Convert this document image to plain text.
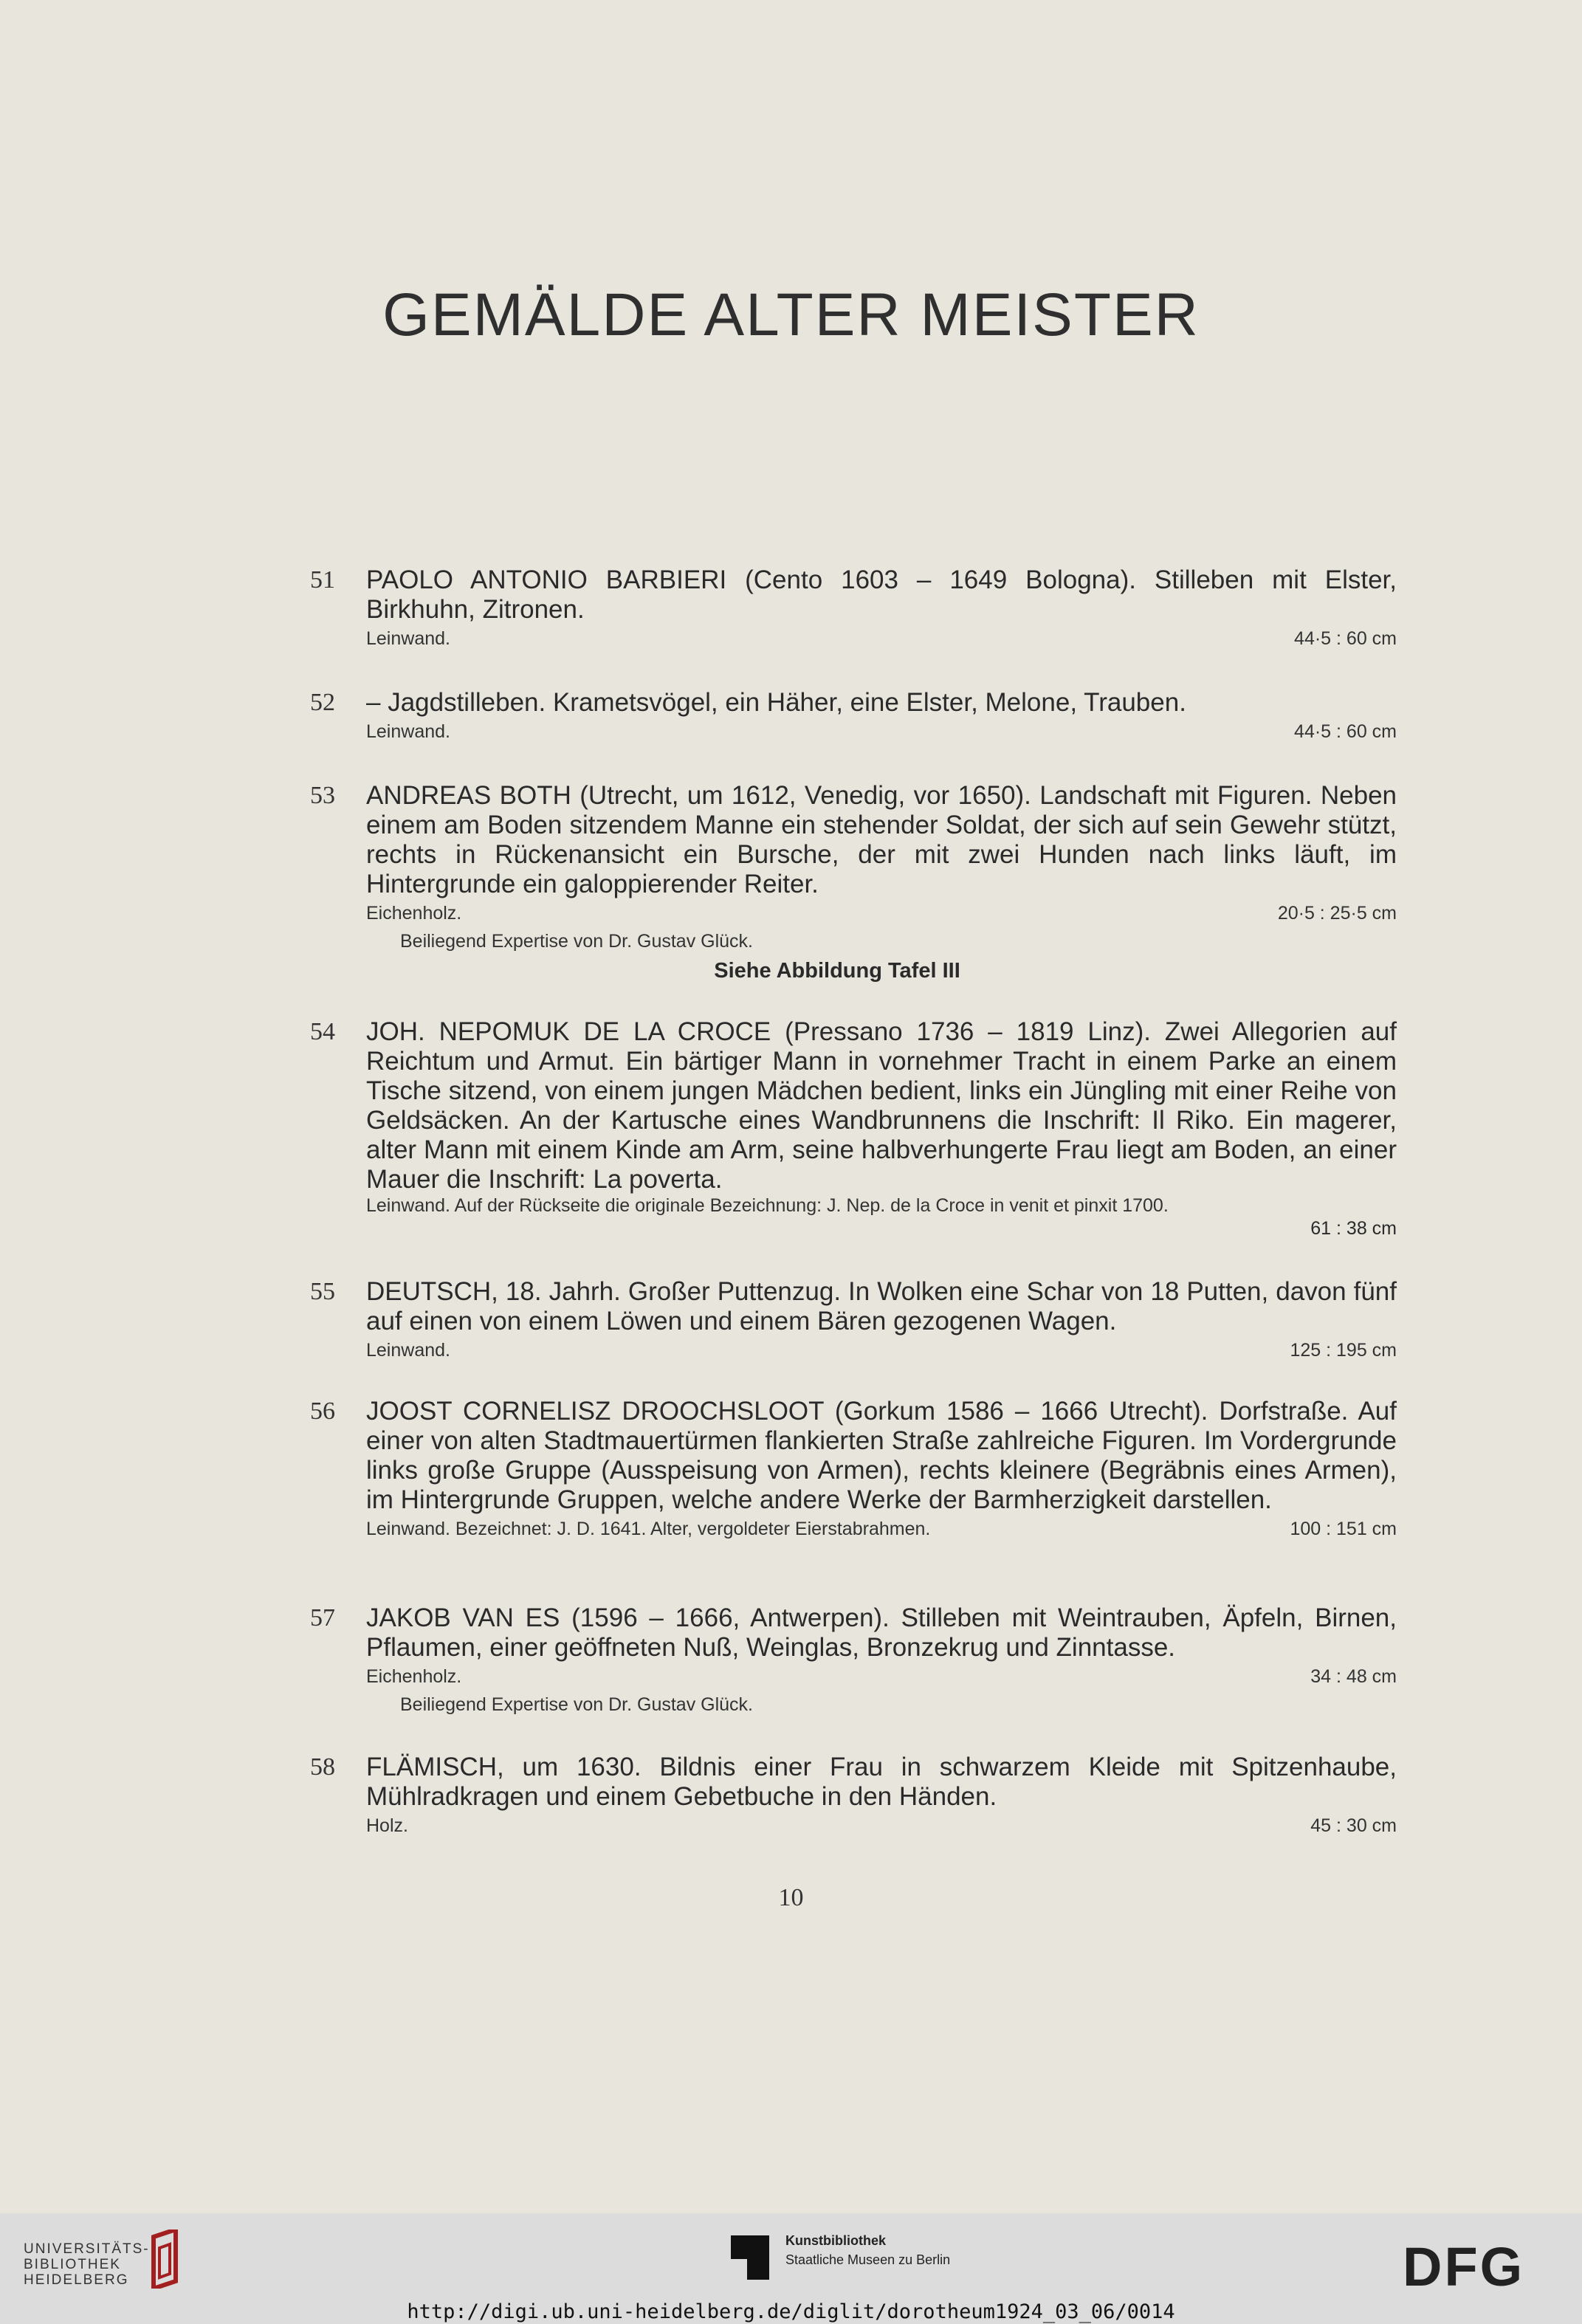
GEMÄLDE ALTER MEISTER
51	PAOLO ANTONIO BARBIERI (Cento 1603 – 1649 Bologna). Stilleben mit Elster, Birkhuhn, Zitronen.
Leinwand.	44·5 : 60 cm
52	– Jagdstilleben. Krametsvögel, ein Häher, eine Elster, Melone, Trauben.
Leinwand.	44·5 : 60 cm
53	ANDREAS BOTH (Utrecht, um 1612, Venedig, vor 1650). Landschaft mit Figuren. Neben einem am Boden sitzendem Manne ein stehender Soldat, der sich auf sein Gewehr stützt, rechts in Rückenansicht ein Bursche, der mit zwei Hunden nach links läuft, im Hintergrunde ein galoppierender Reiter.
Eichenholz.	20·5 : 25·5 cm
Beiliegend Expertise von Dr. Gustav Glück.
Siehe Abbildung Tafel III
54	JOH. NEPOMUK DE LA CROCE (Pressano 1736 – 1819 Linz). Zwei Allegorien auf Reichtum und Armut. Ein bärtiger Mann in vornehmer Tracht in einem Parke an einem Tische sitzend, von einem jungen Mädchen bedient, links ein Jüngling mit einer Reihe von Geldsäcken. An der Kartusche eines Wandbrunnens die Inschrift: Il Riko. Ein magerer, alter Mann mit einem Kinde am Arm, seine halbverhungerte Frau liegt am Boden, an einer Mauer die Inschrift: La poverta.
Leinwand. Auf der Rückseite die originale Bezeichnung: J. Nep. de la Croce in venit et pinxit 1700.
61 : 38 cm
55	DEUTSCH, 18. Jahrh. Großer Puttenzug. In Wolken eine Schar von 18 Putten, davon fünf auf einen von einem Löwen und einem Bären gezogenen Wagen.
Leinwand.	125 : 195 cm
56	JOOST CORNELISZ DROOCHSLOOT (Gorkum 1586 – 1666 Utrecht). Dorfstraße. Auf einer von alten Stadtmauertürmen flankierten Straße zahlreiche Figuren. Im Vordergrunde links große Gruppe (Ausspeisung von Armen), rechts kleinere (Begräbnis eines Armen), im Hintergrunde Gruppen, welche andere Werke der Barmherzigkeit darstellen.
Leinwand. Bezeichnet: J. D. 1641. Alter, vergoldeter Eierstabrahmen.	100 : 151 cm
57	JAKOB VAN ES (1596 – 1666, Antwerpen). Stilleben mit Weintrauben, Äpfeln, Birnen, Pflaumen, einer geöffneten Nuß, Weinglas, Bronzekrug und Zinntasse.
Eichenholz.	34 : 48 cm
Beiliegend Expertise von Dr. Gustav Glück.
58	FLÄMISCH, um 1630. Bildnis einer Frau in schwarzem Kleide mit Spitzenhaube, Mühlradkragen und einem Gebetbuche in den Händen.
Holz.	45 : 30 cm
10
UNIVERSITÄTS-
BIBLIOTHEK
HEIDELBERG
Kunstbibliothek
Staatliche Museen zu Berlin	DFG
http://digi.ub.uni-heidelberg.de/diglit/dorotheum1924_03_06/0014
